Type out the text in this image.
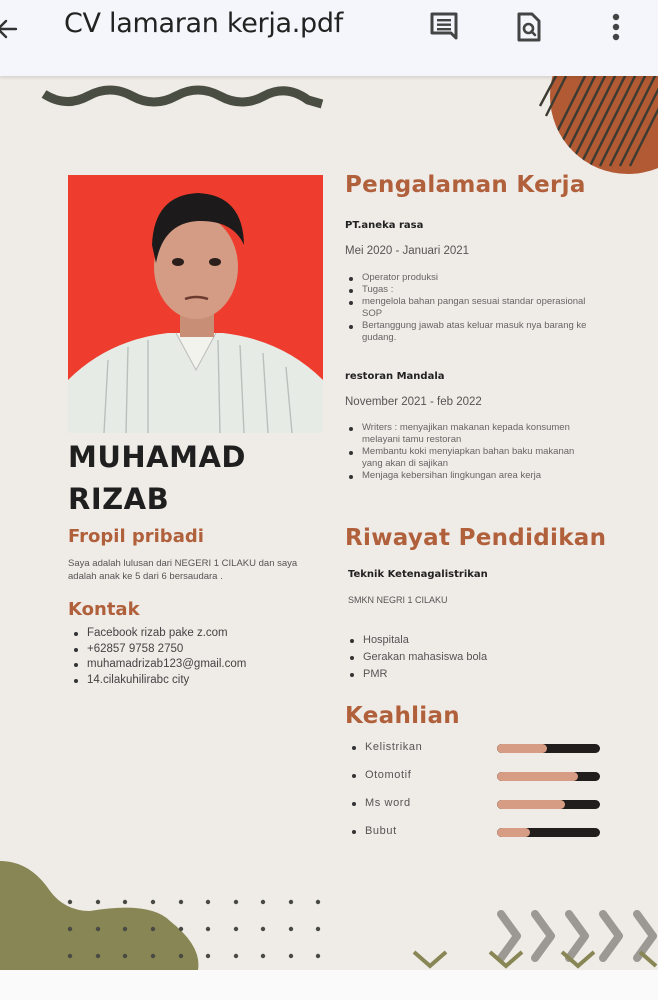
CV lamaran kerja.pdf
MUHAMAD
RIZAB
Fropil pribadi
Saya adalah lulusan dari NEGERI 1 CILAKU dan saya adalah anak ke 5 dari 6 bersaudara .
Kontak
Facebook rizab pake z.com
+62857 9758 2750
muhamadrizab123@gmail.com
14.cilakuhilirabc city
Pengalaman Kerja
PT.aneka rasa
Mei 2020 - Januari 2021
Operator produksi
Tugas :
mengelola bahan pangan sesuai standar operasional SOP
Bertanggung jawab atas keluar masuk nya barang ke gudang.
restoran Mandala
November 2021 - feb 2022
Writers : menyajikan makanan kepada konsumen melayani tamu restoran
Membantu koki menyiapkan bahan baku makanan yang akan di sajikan
Menjaga kebersihan lingkungan area kerja
Riwayat Pendidikan
Teknik Ketenagalistrikan
SMKN NEGRI 1 CILAKU
Hospitala
Gerakan mahasiswa bola
PMR
Keahlian
Kelistrikan
Otomotif
Ms word
Bubut
